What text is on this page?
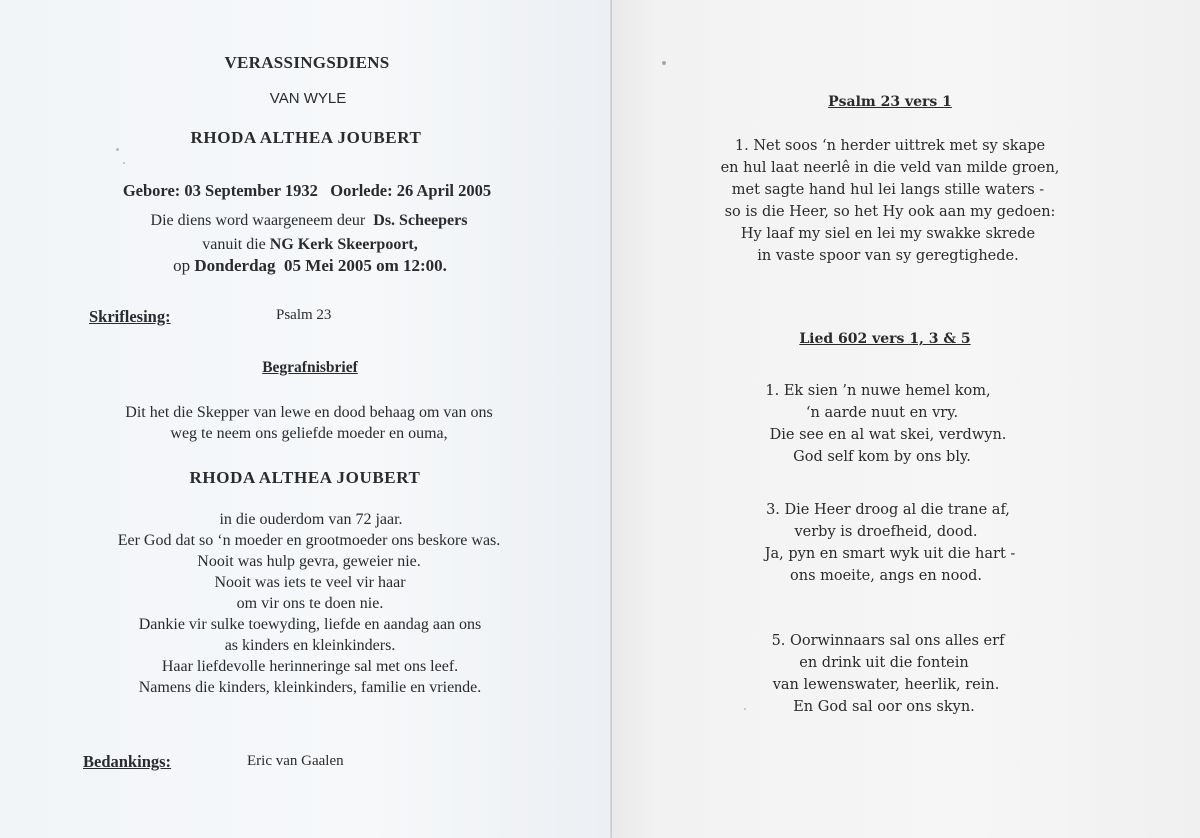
VERASSINGSDIENS
VAN WYLE
RHODA ALTHEA JOUBERT
Gebore: 03 September 1932   Oorlede: 26 April 2005
Die diens word waargeneem deur Ds. Scheepers
vanuit die NG Kerk Skeerpoort,
op Donderdag  05 Mei 2005 om 12:00.
Skriflesing:	Psalm 23
Begrafnisbrief
Dit het die Skepper van lewe en dood behaag om van ons
weg te neem ons geliefde moeder en ouma,
RHODA ALTHEA JOUBERT
in die ouderdom van 72 jaar.
Eer God dat so ‘n moeder en grootmoeder ons beskore was.
Nooit was hulp gevra, geweier nie.
Nooit was iets te veel vir haar
om vir ons te doen nie.
Dankie vir sulke toewyding, liefde en aandag aan ons
as kinders en kleinkinders.
Haar liefdevolle herinneringe sal met ons leef.
Namens die kinders, kleinkinders, familie en vriende.
Bedankings:	Eric van Gaalen
Psalm 23 vers 1
1. Net soos ‘n herder uittrek met sy skape
en hul laat neerlê in die veld van milde groen,
met sagte hand hul lei langs stille waters -
so is die Heer, so het Hy ook aan my gedoen:
Hy laaf my siel en lei my swakke skrede
in vaste spoor van sy geregtighede.
Lied 602 vers 1, 3 & 5
1. Ek sien ’n nuwe hemel kom,
‘n aarde nuut en vry.
Die see en al wat skei, verdwyn.
God self kom by ons bly.
3. Die Heer droog al die trane af,
verby is droefheid, dood.
Ja, pyn en smart wyk uit die hart -
ons moeite, angs en nood.
5. Oorwinnaars sal ons alles erf
en drink uit die fontein
van lewenswater, heerlik, rein.
En God sal oor ons skyn.
